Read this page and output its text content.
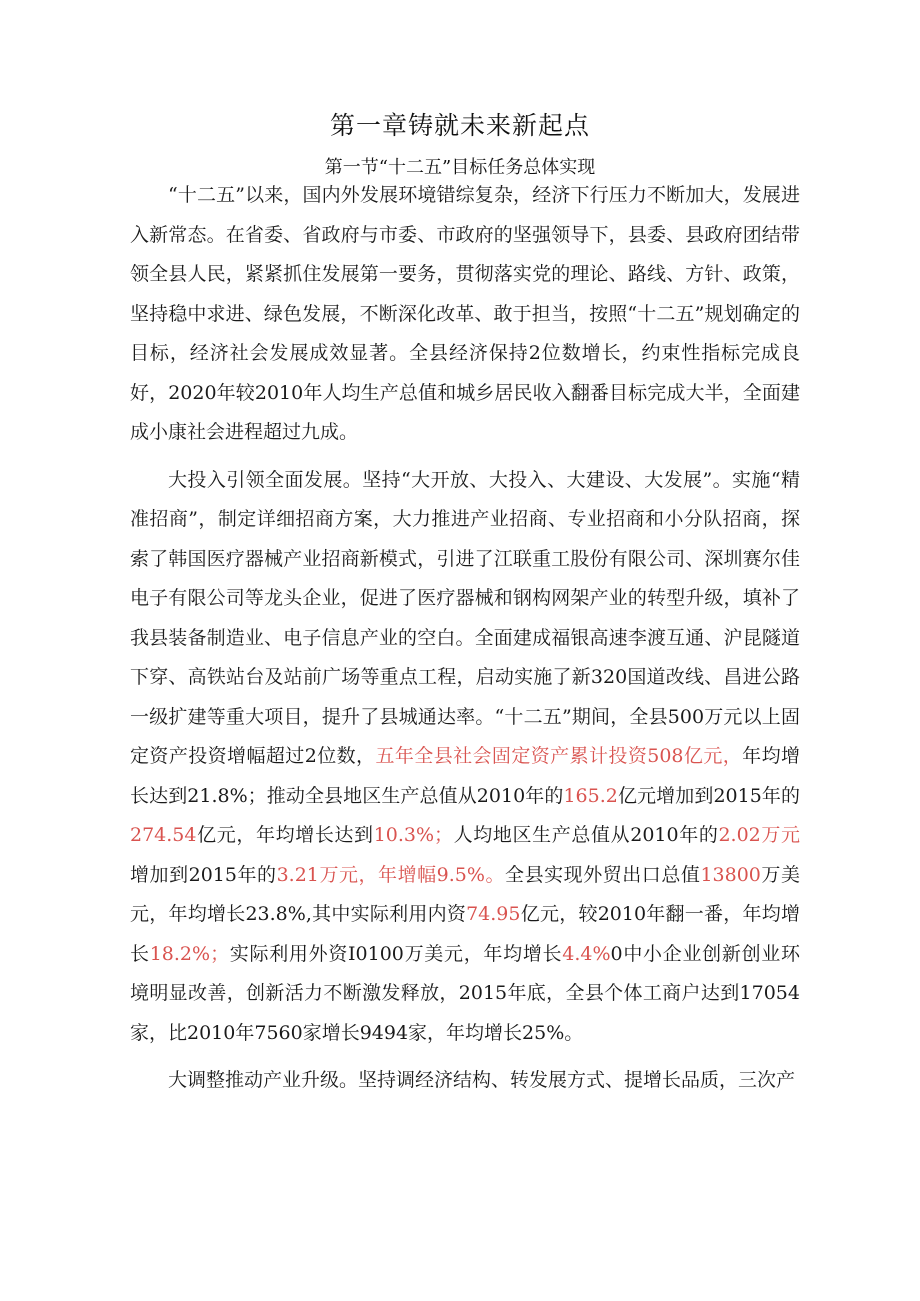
第一章铸就未来新起点
第一节“十二五”目标任务总体实现

“十二五”以来，国内外发展环境错综复杂，经济下行压力不断加大，发展进入新常态。在省委、省政府与市委、市政府的坚强领导下，县委、县政府团结带领全县人民，紧紧抓住发展第一要务，贯彻落实党的理论、路线、方针、政策，坚持稳中求进、绿色发展，不断深化改革、敢于担当，按照“十二五”规划确定的目标，经济社会发展成效显著。全县经济保持2位数增长，约束性指标完成良好，2020年较2010年人均生产总值和城乡居民收入翻番目标完成大半，全面建成小康社会进程超过九成。

大投入引领全面发展。坚持“大开放、大投入、大建设、大发展”。实施“精准招商”，制定详细招商方案，大力推进产业招商、专业招商和小分队招商，探索了韩国医疗器械产业招商新模式，引进了江联重工股份有限公司、深圳赛尔佳电子有限公司等龙头企业，促进了医疗器械和钢构网架产业的转型升级，填补了我县装备制造业、电子信息产业的空白。全面建成福银高速李渡互通、沪昆隧道下穿、高铁站台及站前广场等重点工程，启动实施了新320国道改线、昌进公路一级扩建等重大项目，提升了县城通达率。“十二五”期间，全县500万元以上固定资产投资增幅超过2位数，五年全县社会固定资产累计投资508亿元，年均增长达到21.8%；推动全县地区生产总值从2010年的165.2亿元增加到2015年的274.54亿元，年均增长达到10.3%；人均地区生产总值从2010年的2.02万元增加到2015年的3.21万元，年增幅9.5%。全县实现外贸出口总值13800万美元，年均增长23.8%,其中实际利用内资74.95亿元，较2010年翻一番，年均增长18.2%；实际利用外资I0100万美元，年均增长4.4%0中小企业创新创业环境明显改善，创新活力不断激发释放，2015年底，全县个体工商户达到17054家，比2010年7560家增长9494家，年均增长25%。

大调整推动产业升级。坚持调经济结构、转发展方式、提增长品质，三次产
